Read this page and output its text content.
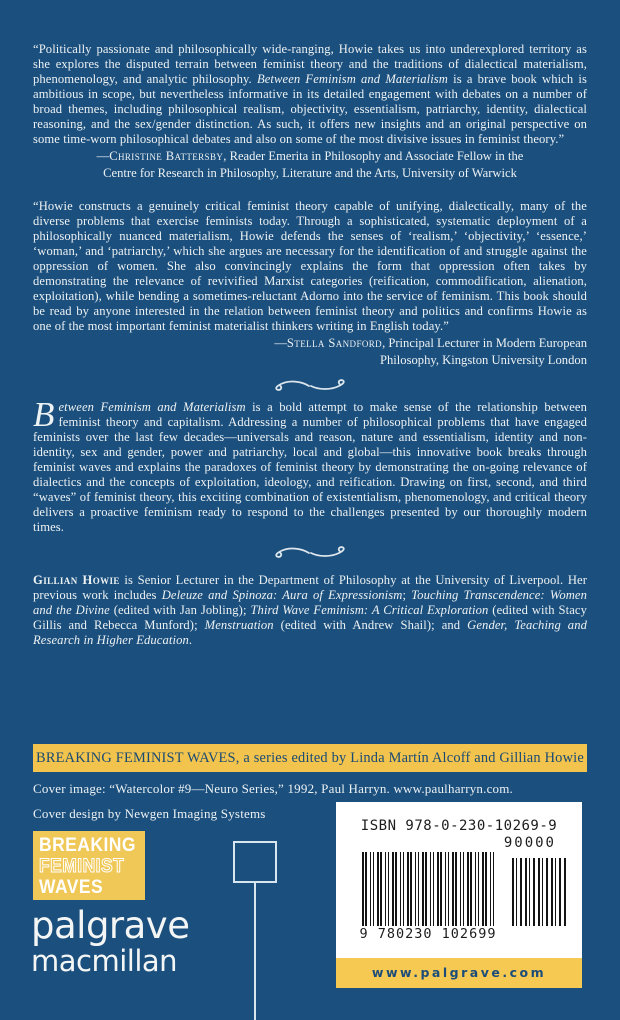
“Politically passionate and philosophically wide-ranging, Howie takes us into underexplored territory as she explores the disputed terrain between feminist theory and the traditions of dialectical materialism, phenomenology, and analytic philosophy. Between Feminism and Materialism is a brave book which is ambitious in scope, but nevertheless informative in its detailed engagement with debates on a number of broad themes, including philosophical realism, objectivity, essentialism, patriarchy, identity, dialectical reasoning, and the sex/gender distinction. As such, it offers new insights and an original perspective on some time-worn philosophical debates and also on some of the most divisive issues in feminist theory.”

—Christine Battersby, Reader Emerita in Philosophy and Associate Fellow in the
Centre for Research in Philosophy, Literature and the Arts, University of Warwick

“Howie constructs a genuinely critical feminist theory capable of unifying, dialectically, many of the diverse problems that exercise feminists today. Through a sophisticated, systematic deployment of a philosophically nuanced materialism, Howie defends the senses of ‘realism,’ ‘objectivity,’ ‘essence,’ ‘woman,’ and ‘patriarchy,’ which she argues are necessary for the identification of and struggle against the oppression of women. She also convincingly explains the form that oppression often takes by demonstrating the relevance of revivified Marxist categories (reification, commodification, alienation, exploitation), while bending a sometimes-reluctant Adorno into the service of feminism. This book should be read by anyone interested in the relation between feminist theory and politics and confirms Howie as one of the most important feminist materialist thinkers writing in English today.”

—Stella Sandford, Principal Lecturer in Modern European
Philosophy, Kingston University London

Between Feminism and Materialism is a bold attempt to make sense of the relationship between feminist theory and capitalism. Addressing a number of philosophical problems that have engaged feminists over the last few decades—universals and reason, nature and essentialism, identity and non-identity, sex and gender, power and patriarchy, local and global—this innovative book breaks through feminist waves and explains the paradoxes of feminist theory by demonstrating the on-going relevance of dialectics and the concepts of exploitation, ideology, and reification. Drawing on first, second, and third “waves” of feminist theory, this exciting combination of existentialism, phenomenology, and critical theory delivers a proactive feminism ready to respond to the challenges presented by our thoroughly modern times.

Gillian Howie is Senior Lecturer in the Department of Philosophy at the University of Liverpool. Her previous work includes Deleuze and Spinoza: Aura of Expressionism; Touching Transcendence: Women and the Divine (edited with Jan Jobling); Third Wave Feminism: A Critical Exploration (edited with Stacy Gillis and Rebecca Munford); Menstruation (edited with Andrew Shail); and Gender, Teaching and Research in Higher Education.

BREAKING FEMINIST WAVES, a series edited by Linda Martín Alcoff and Gillian Howie
Cover image: “Watercolor #9—Neuro Series,” 1992, Paul Harryn. www.paulharryn.com.
Cover design by Newgen Imaging Systems
BREAKING
FEMINIST
WAVES
palgrave
macmillan
ISBN 978-0-230-10269-9
90000
9 780230 102699
www.palgrave.com
